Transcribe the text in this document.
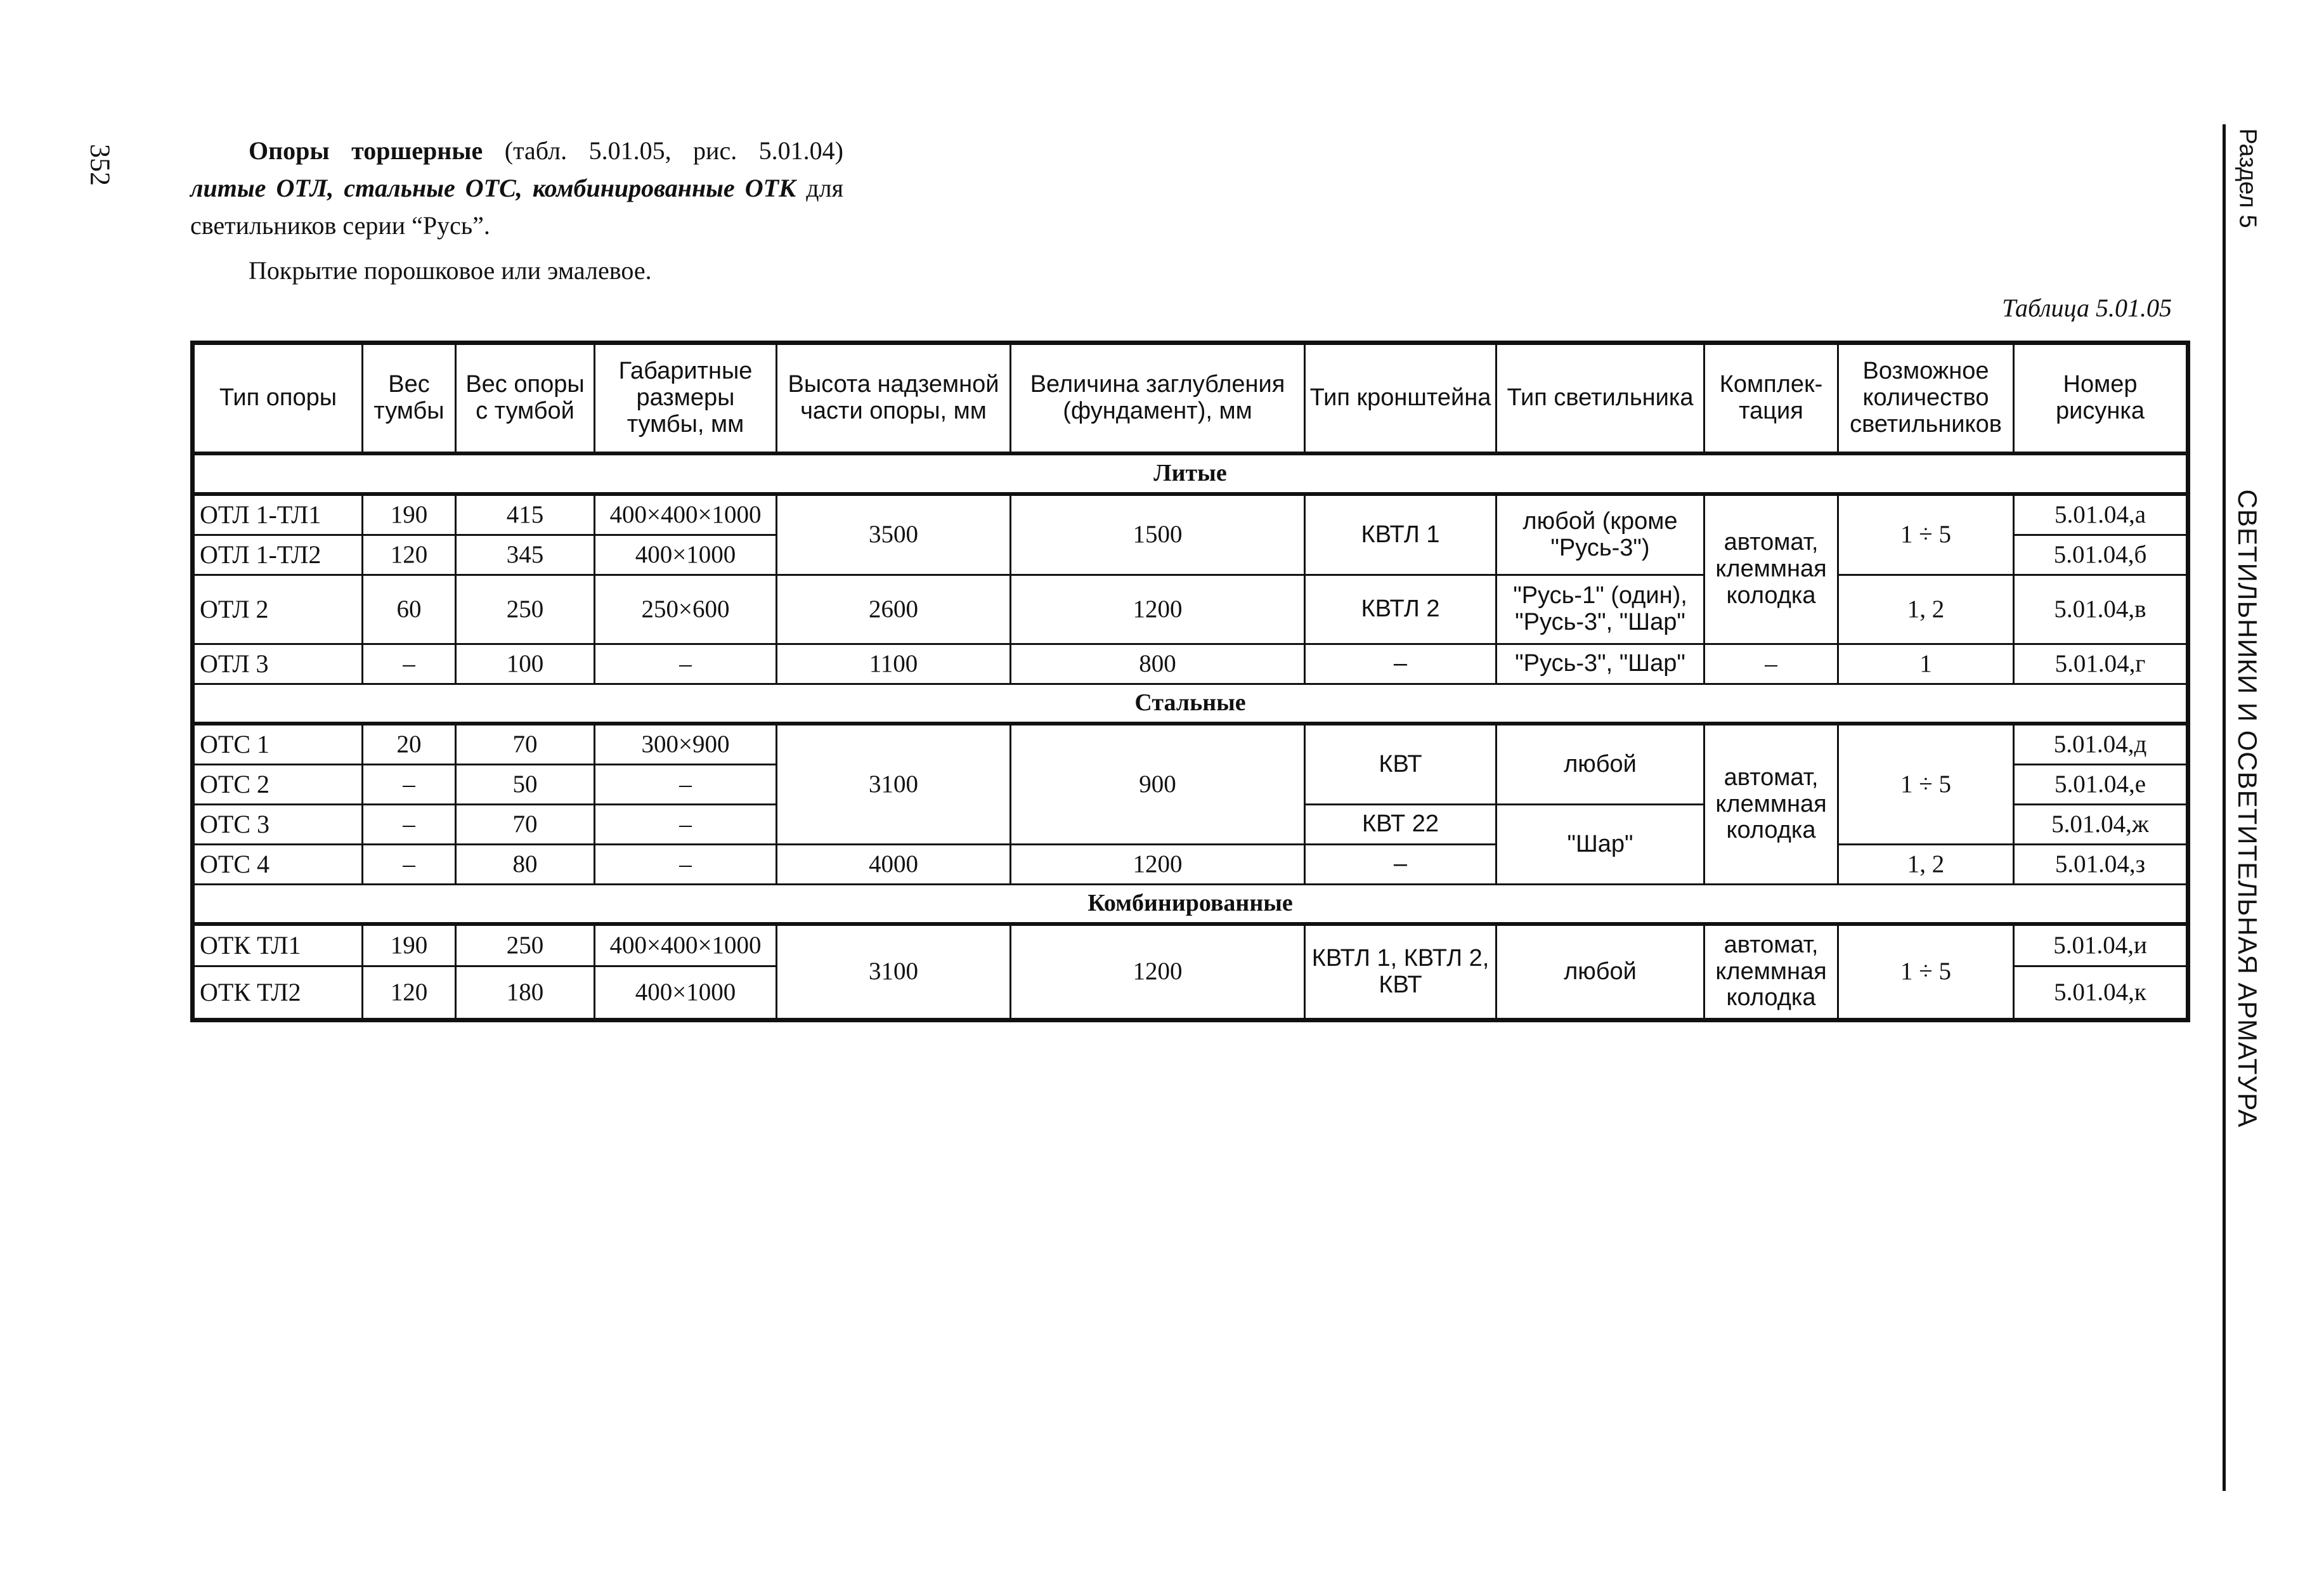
352	Опоры торшерные (табл. 5.01.05, рис. 5.01.04) литые ОТЛ, стальные ОТС, комбинированные ОТК для светильников серии “Русь”.

Покрытие порошковое или эмалевое.

Таблица 5.01.05
Тип опоры	Вес тумбы	Вес опоры с тумбой	Габаритные размеры тумбы, мм	Высота надземной части опоры, мм	Величина заглубления (фундамент), мм	Тип кронштейна	Тип светильника	Комплек-тация	Возможное количество светильников	Номер рисунка
Литые										
ОТЛ 1-ТЛ1	190	415	400×400×1000	3500	1500	КВТЛ 1	любой (кроме "Русь-3")	автомат, клеммная колодка	1 ÷ 5	5.01.04,а
ОТЛ 1-ТЛ2	120	345	400×1000							5.01.04,б
ОТЛ 2	60	250	250×600	2600	1200	КВТЛ 2	"Русь-1" (один), "Русь-3", "Шар"		1, 2	5.01.04,в
ОТЛ 3	–	100	–	1100	800	–	"Русь-3", "Шар"	–	1	5.01.04,г
Стальные										
ОТС 1	20	70	300×900	3100	900	КВТ	любой	автомат, клеммная колодка	1 ÷ 5	5.01.04,д
ОТС 2	–	50	–							5.01.04,е
ОТС 3	–	70	–			КВТ 22	"Шар"			5.01.04,ж
ОТС 4	–	80	–	4000	1200	–			1, 2	5.01.04,з
Комбинированные										
ОТК ТЛ1	190	250	400×400×1000	3100	1200	КВТЛ 1, КВТЛ 2, КВТ	любой	автомат, клеммная колодка	1 ÷ 5	5.01.04,и
ОТК ТЛ2	120	180	400×1000							5.01.04,к
Раздел 5
СВЕТИЛЬНИКИ И ОСВЕТИТЕЛЬНАЯ АРМАТУРА
